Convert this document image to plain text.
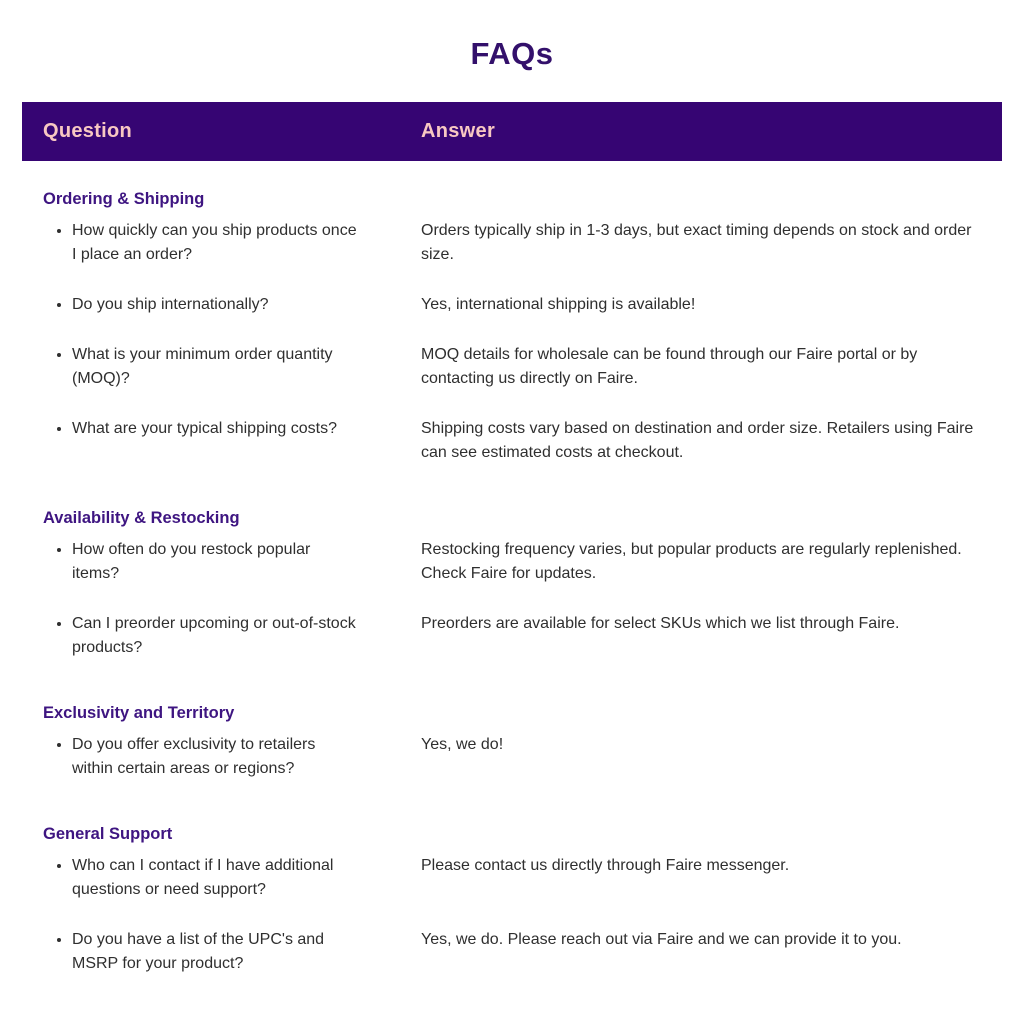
FAQs
Question	Answer
Ordering & Shipping
• How quickly can you ship products once I place an order?
Orders typically ship in 1-3 days, but exact timing depends on stock and order size.
• Do you ship internationally?	Yes, international shipping is available!
• What is your minimum order quantity (MOQ)?
MOQ details for wholesale can be found through our Faire portal or by contacting us directly on Faire.
• What are your typical shipping costs?	Shipping costs vary based on destination and order size. Retailers using Faire can see estimated costs at checkout.
Availability & Restocking
• How often do you restock popular items?
Restocking frequency varies, but popular products are regularly replenished. Check Faire for updates.
• Can I preorder upcoming or out-of-stock products?
Preorders are available for select SKUs which we list through Faire.
Exclusivity and Territory
• Do you offer exclusivity to retailers within certain areas or regions?
Yes, we do!
General Support
• Who can I contact if I have additional questions or need support?
Please contact us directly through Faire messenger.
• Do you have a list of the UPC's and MSRP for your product?
Yes, we do. Please reach out via Faire and we can provide it to you.
